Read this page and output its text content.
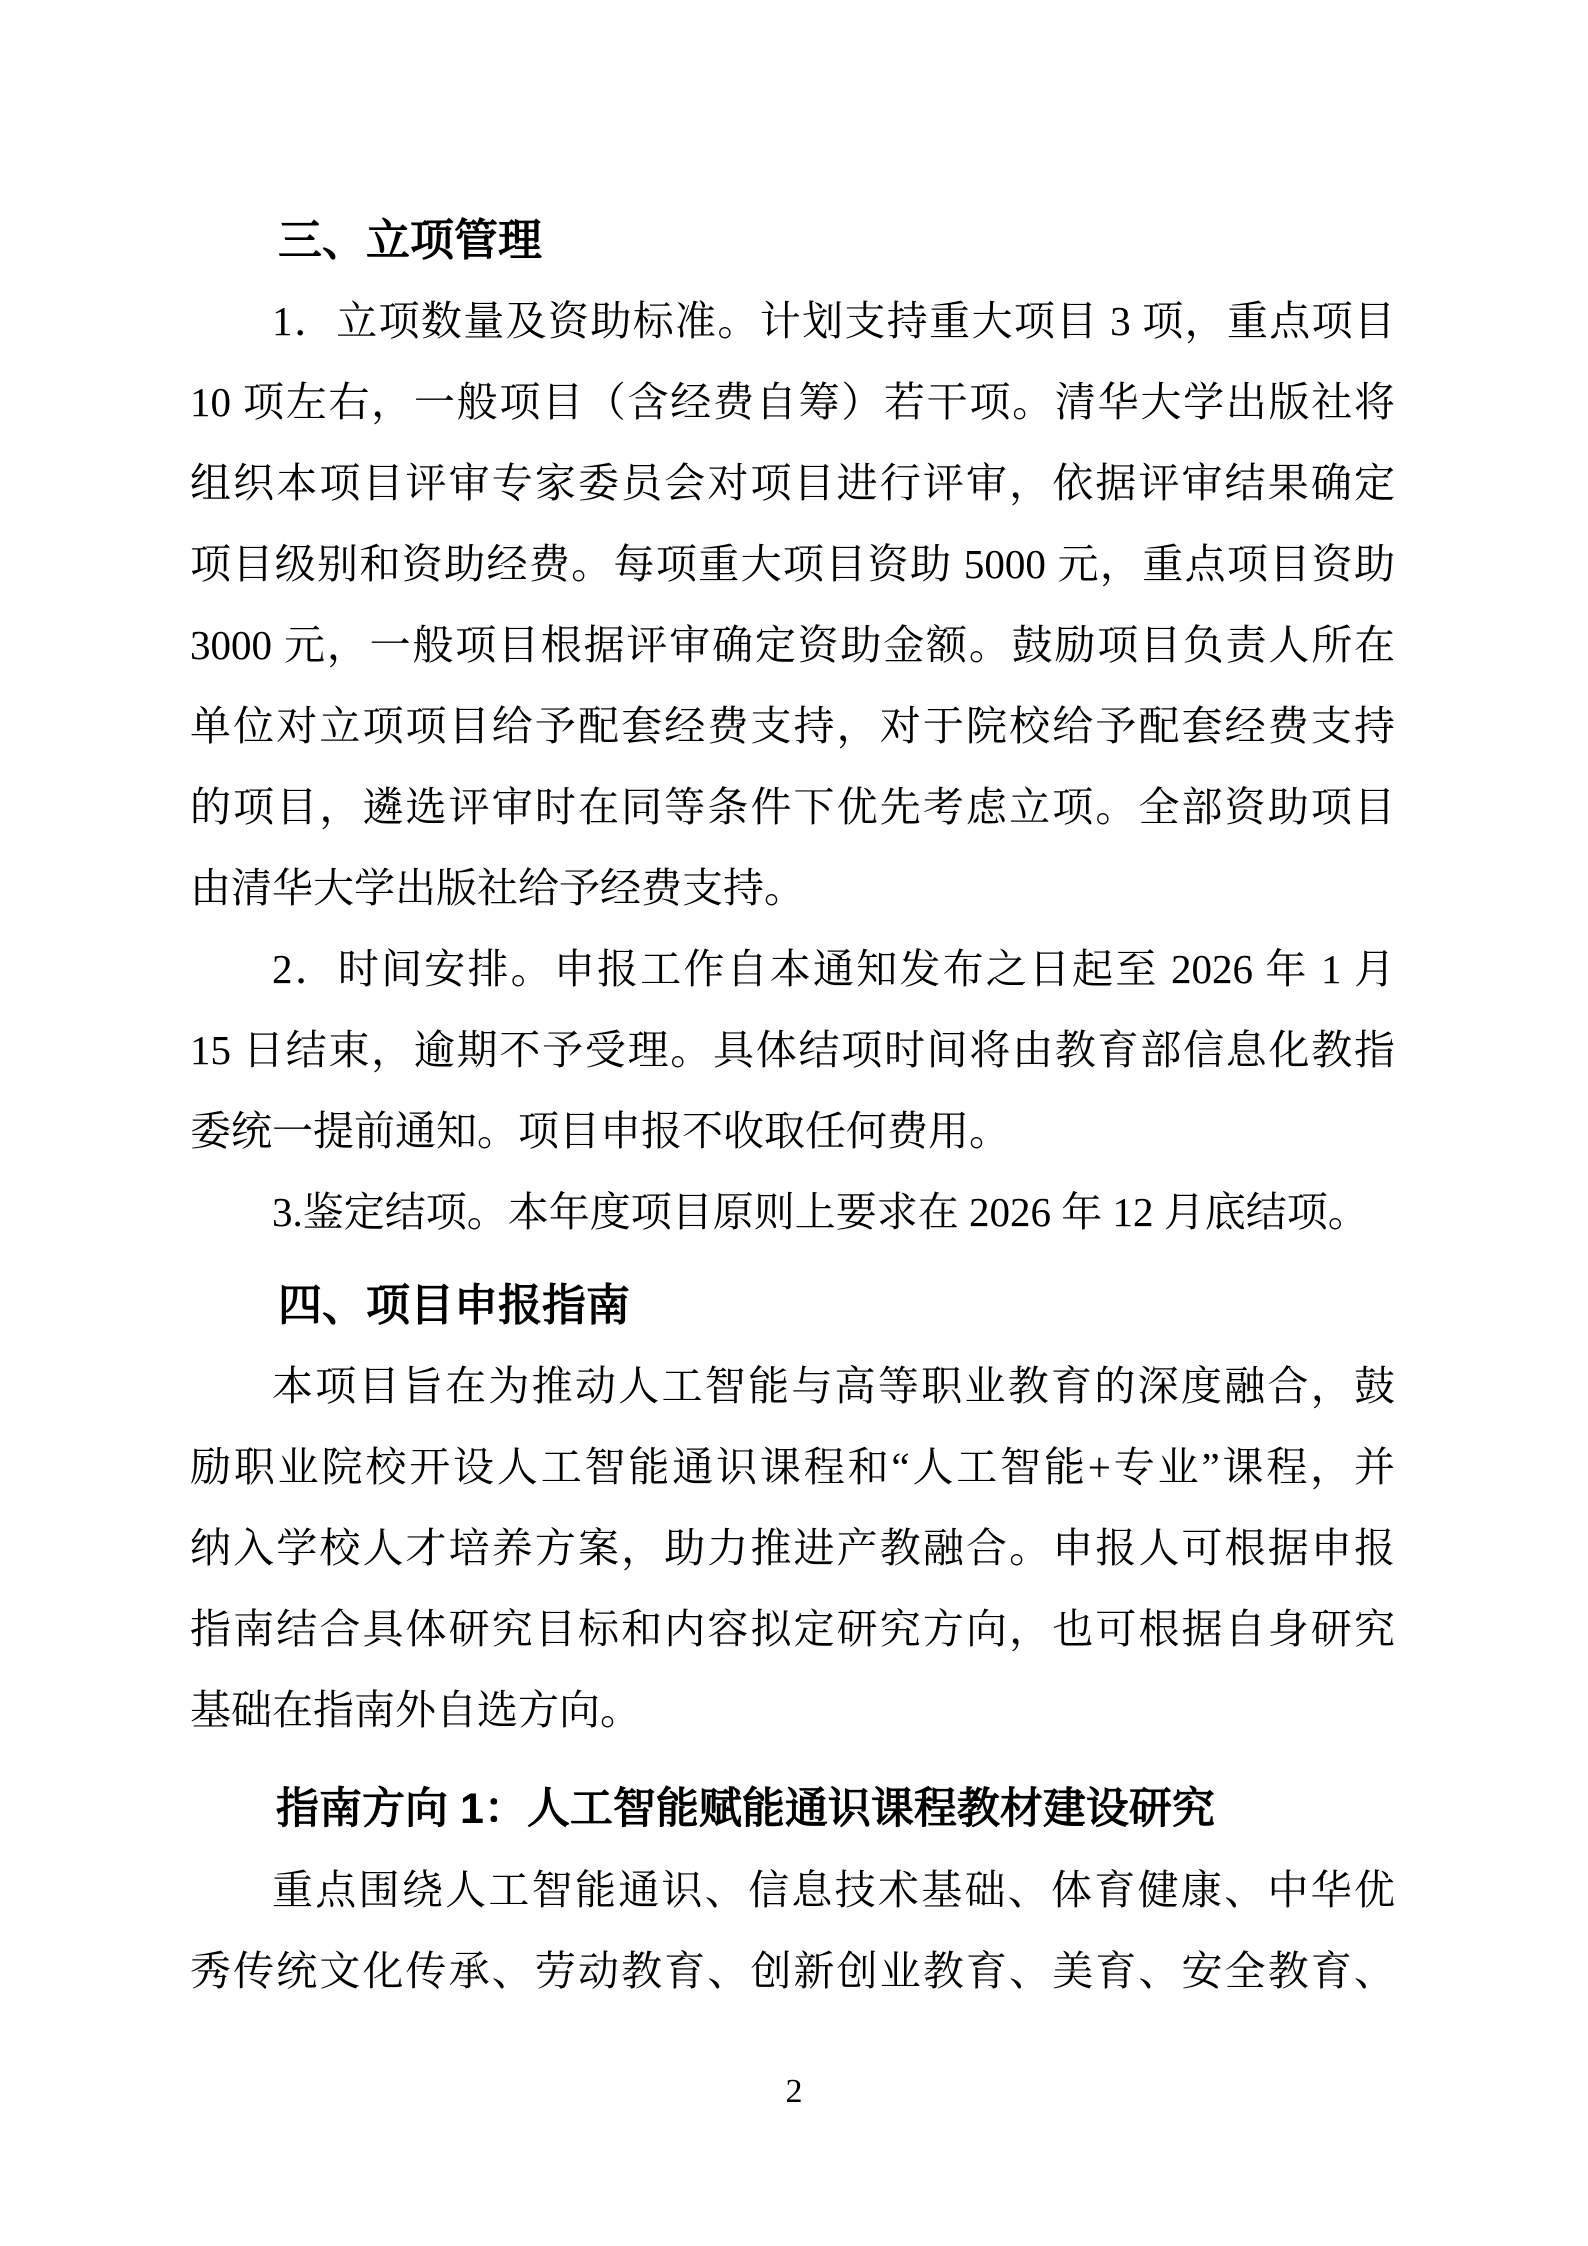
三、立项管理
1．立项数量及资助标准。计划支持重大项目 3 项，重点项目
10 项左右，一般项目（含经费自筹）若干项。清华大学出版社将
组织本项目评审专家委员会对项目进行评审，依据评审结果确定
项目级别和资助经费。每项重大项目资助 5000 元，重点项目资助
3000 元，一般项目根据评审确定资助金额。鼓励项目负责人所在
单位对立项项目给予配套经费支持，对于院校给予配套经费支持
的项目，遴选评审时在同等条件下优先考虑立项。全部资助项目
由清华大学出版社给予经费支持。
2．时间安排。申报工作自本通知发布之日起至 2026 年 1 月
15 日结束，逾期不予受理。具体结项时间将由教育部信息化教指
委统一提前通知。项目申报不收取任何费用。
3.鉴定结项。本年度项目原则上要求在 2026 年 12 月底结项。
四、项目申报指南
本项目旨在为推动人工智能与高等职业教育的深度融合，鼓
励职业院校开设人工智能通识课程和“人工智能+专业”课程，并
纳入学校人才培养方案，助力推进产教融合。申报人可根据申报
指南结合具体研究目标和内容拟定研究方向，也可根据自身研究
基础在指南外自选方向。
指南方向 1：人工智能赋能通识课程教材建设研究
重点围绕人工智能通识、信息技术基础、体育健康、中华优
秀传统文化传承、劳动教育、创新创业教育、美育、安全教育、
2
